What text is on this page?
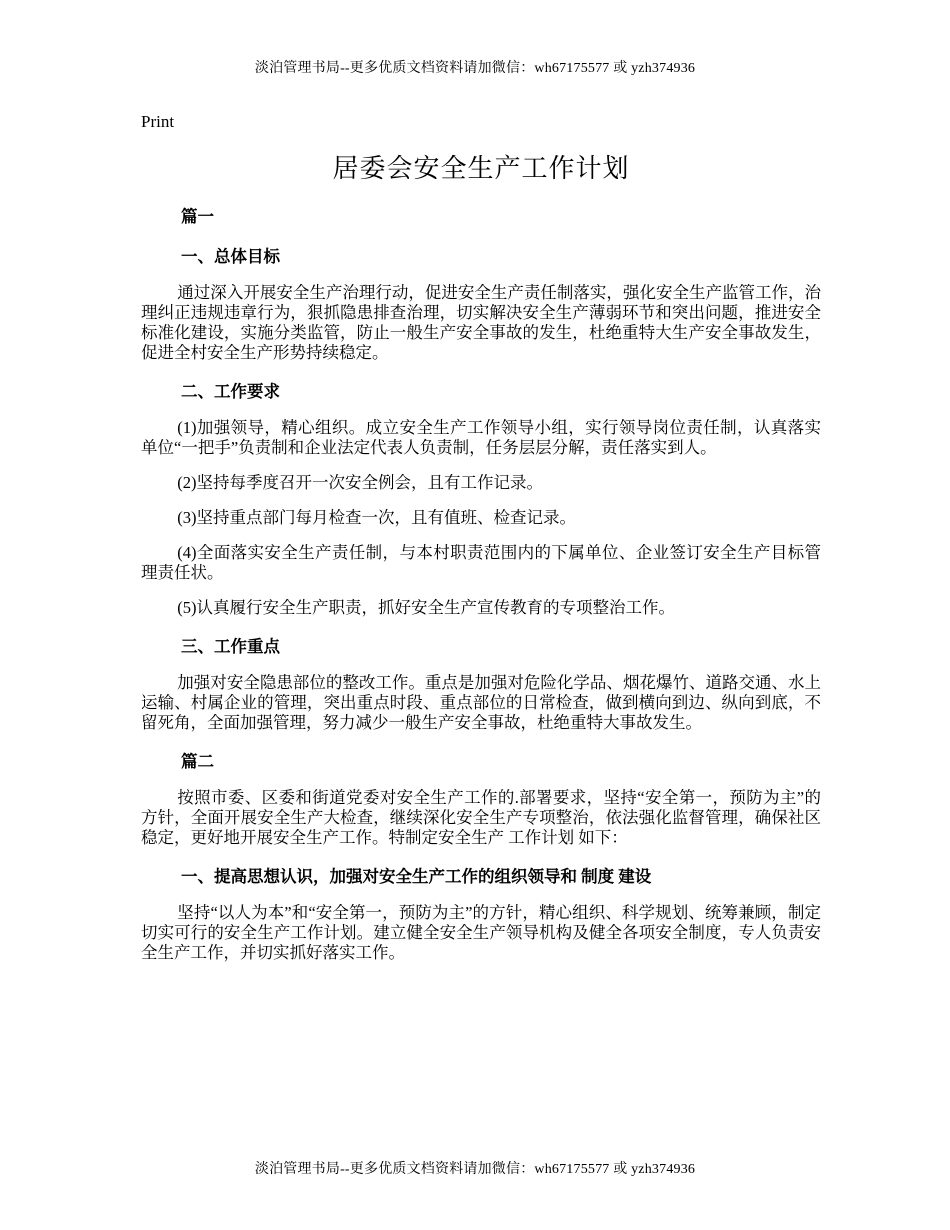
淡泊管理书局--更多优质文档资料请加微信：wh67175577 或 yzh374936
Print
居委会安全生产工作计划
篇一
一、总体目标

通过深入开展安全生产治理行动，促进安全生产责任制落实，强化安全生产监管工作，治理纠正违规违章行为，狠抓隐患排查治理，切实解决安全生产薄弱环节和突出问题，推进安全标准化建设，实施分类监管，防止一般生产安全事故的发生，杜绝重特大生产安全事故发生，促进全村安全生产形势持续稳定。

二、工作要求

(1)加强领导，精心组织。成立安全生产工作领导小组，实行领导岗位责任制，认真落实单位“一把手”负责制和企业法定代表人负责制，任务层层分解，责任落实到人。

(2)坚持每季度召开一次安全例会，且有工作记录。

(3)坚持重点部门每月检查一次，且有值班、检查记录。

(4)全面落实安全生产责任制，与本村职责范围内的下属单位、企业签订安全生产目标管理责任状。

(5)认真履行安全生产职责，抓好安全生产宣传教育的专项整治工作。

三、工作重点

加强对安全隐患部位的整改工作。重点是加强对危险化学品、烟花爆竹、道路交通、水上运输、村属企业的管理，突出重点时段、重点部位的日常检查，做到横向到边、纵向到底，不留死角，全面加强管理，努力减少一般生产安全事故，杜绝重特大事故发生。

篇二

按照市委、区委和街道党委对安全生产工作的.部署要求，坚持“安全第一，预防为主”的方针，全面开展安全生产大检查，继续深化安全生产专项整治，依法强化监督管理，确保社区稳定，更好地开展安全生产工作。特制定安全生产 工作计划 如下：

一、提高思想认识，加强对安全生产工作的组织领导和 制度 建设

坚持“以人为本”和“安全第一，预防为主”的方针，精心组织、科学规划、统筹兼顾，制定切实可行的安全生产工作计划。建立健全安全生产领导机构及健全各项安全制度，专人负责安全生产工作，并切实抓好落实工作。

淡泊管理书局--更多优质文档资料请加微信：wh67175577 或 yzh374936
